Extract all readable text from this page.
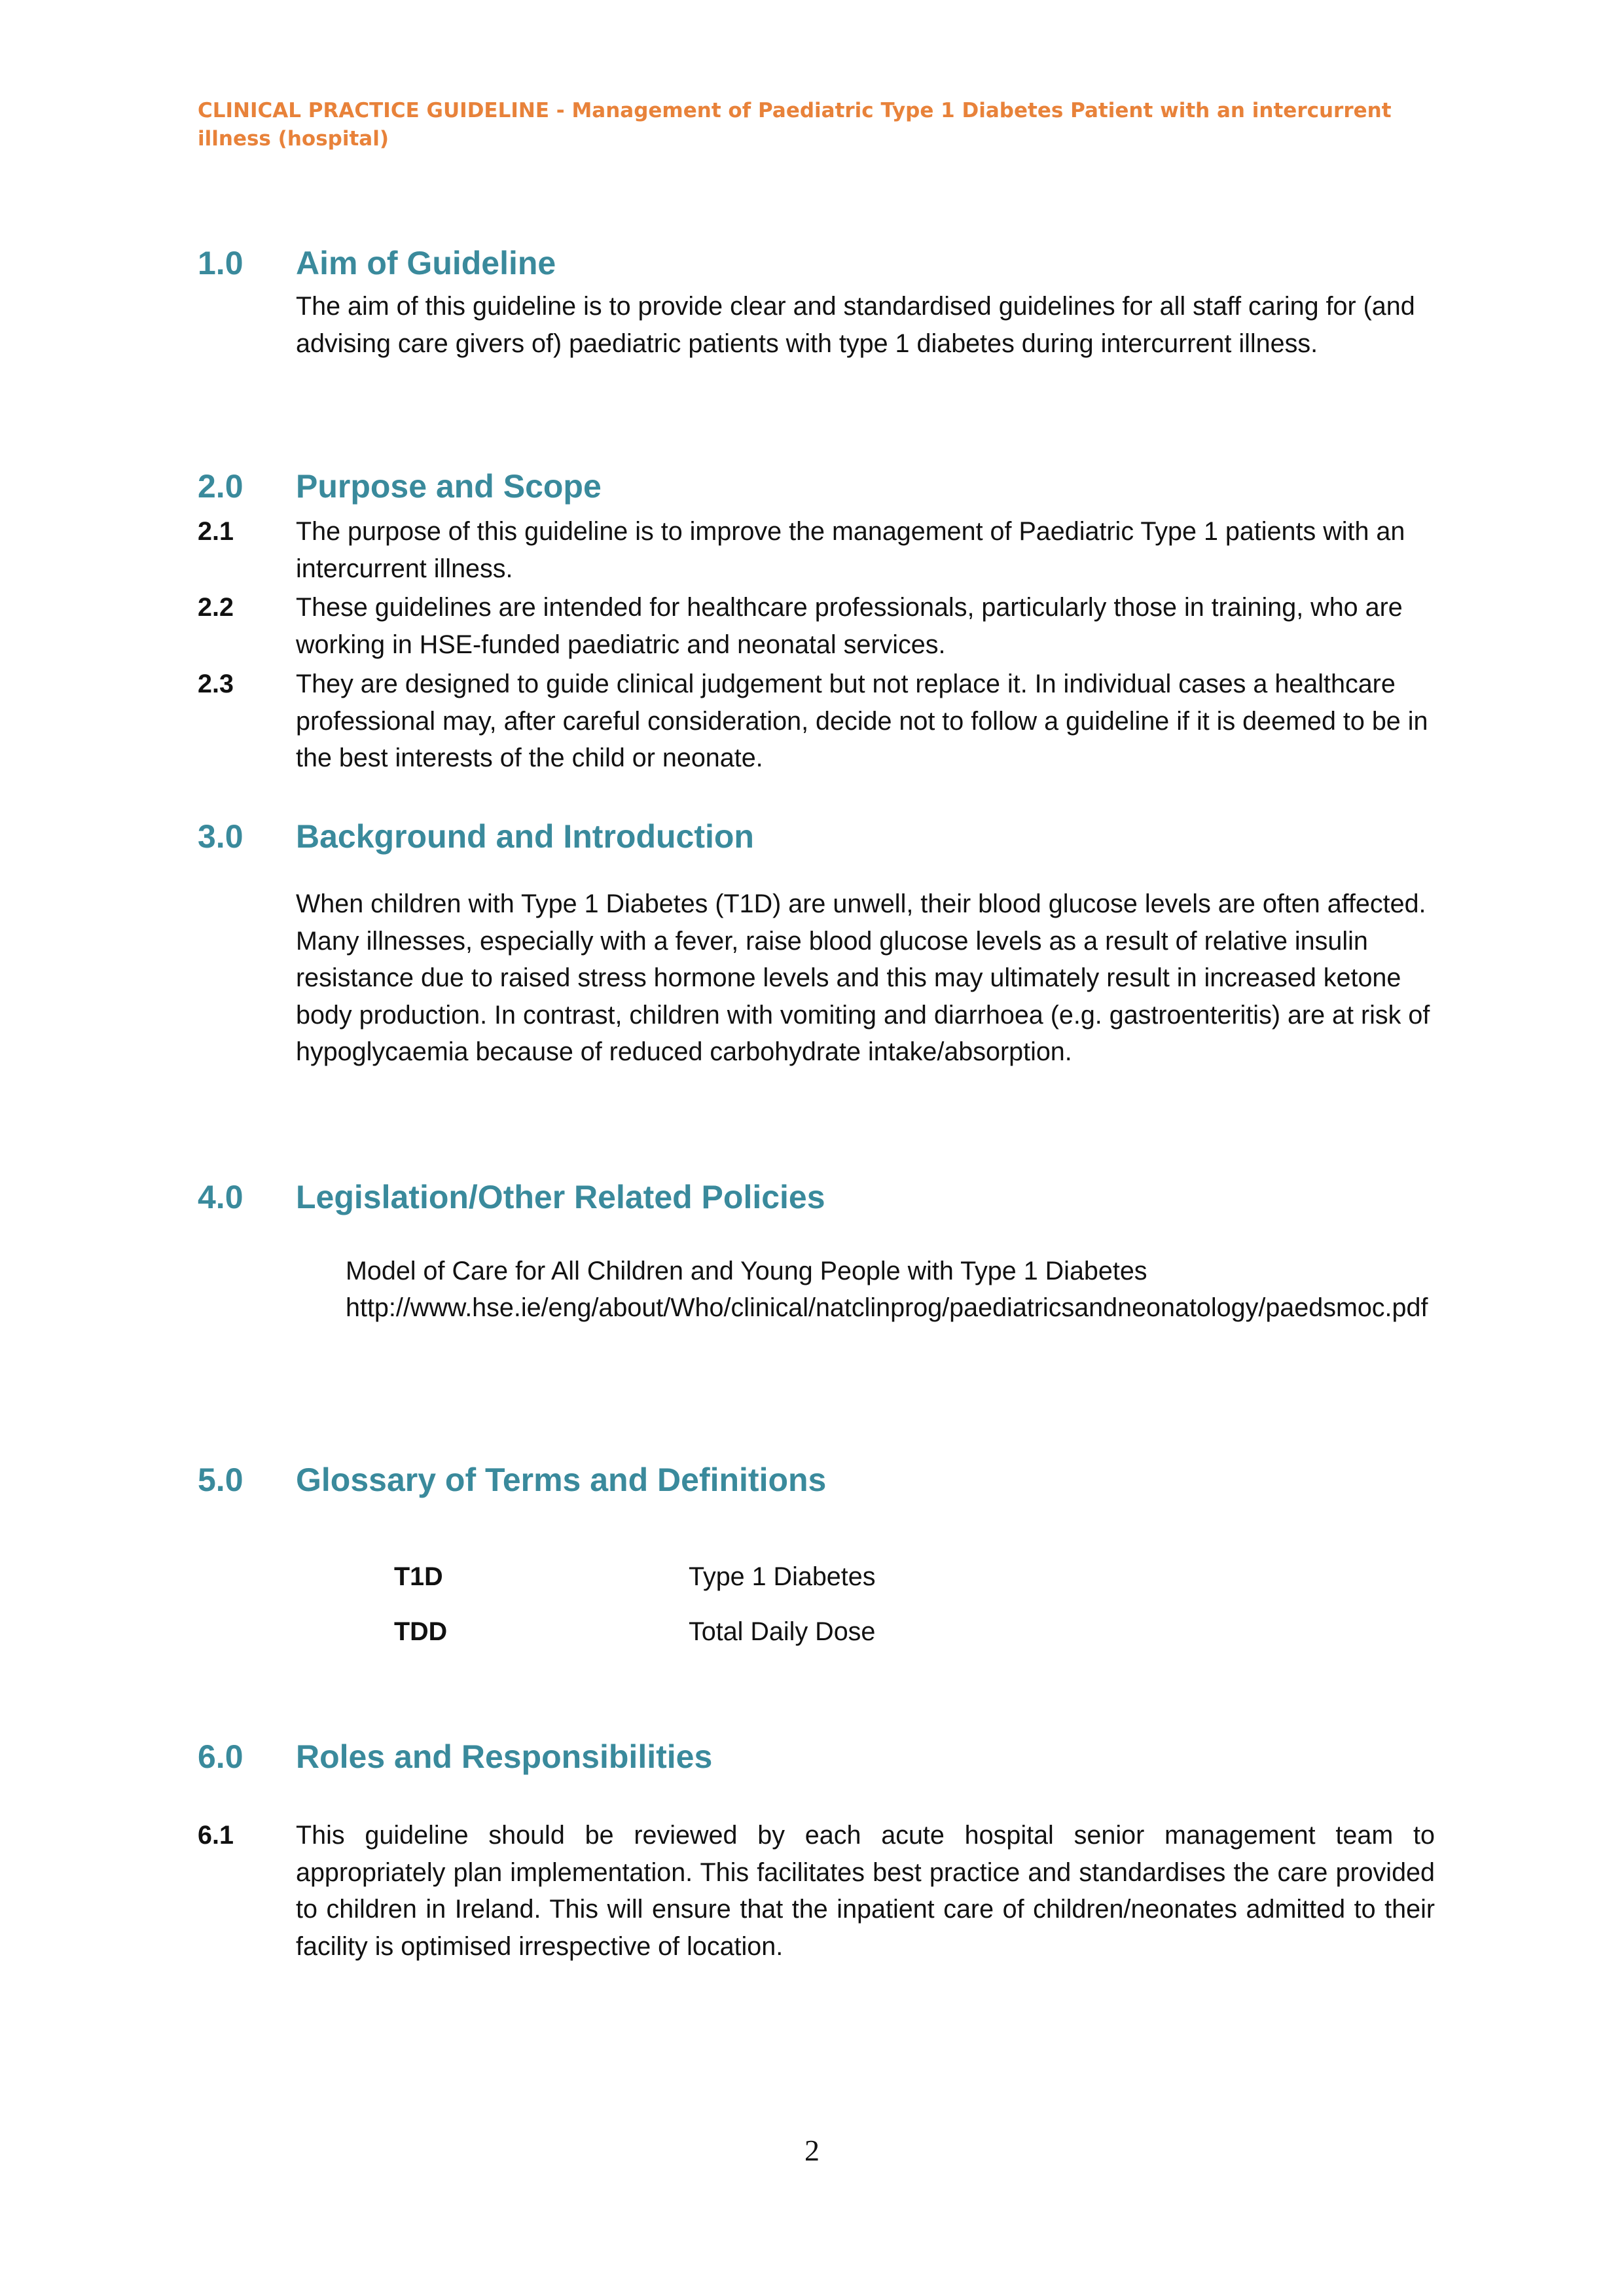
CLINICAL PRACTICE GUIDELINE - Management of Paediatric Type 1 Diabetes Patient with an intercurrent illness (hospital)
1.0 Aim of Guideline
The aim of this guideline is to provide clear and standardised guidelines for all staff caring for (and advising care givers of) paediatric patients with type 1 diabetes during intercurrent illness.
2.0 Purpose and Scope
2.1 The purpose of this guideline is to improve the management of Paediatric Type 1 patients with an intercurrent illness.
2.2 These guidelines are intended for healthcare professionals, particularly those in training, who are working in HSE-funded paediatric and neonatal services.
2.3 They are designed to guide clinical judgement but not replace it. In individual cases a healthcare professional may, after careful consideration, decide not to follow a guideline if it is deemed to be in the best interests of the child or neonate.
3.0 Background and Introduction
When children with Type 1 Diabetes (T1D) are unwell, their blood glucose levels are often affected. Many illnesses, especially with a fever, raise blood glucose levels as a result of relative insulin resistance due to raised stress hormone levels and this may ultimately result in increased ketone body production. In contrast, children with vomiting and diarrhoea (e.g. gastroenteritis) are at risk of hypoglycaemia because of reduced carbohydrate intake/absorption.
4.0 Legislation/Other Related Policies
Model of Care for All Children and Young People with Type 1 Diabetes
http://www.hse.ie/eng/about/Who/clinical/natclinprog/paediatricsandneonatology/paedsmoc.pdf
5.0 Glossary of Terms and Definitions
T1D	Type 1 Diabetes
TDD	Total Daily Dose
6.0 Roles and Responsibilities
6.1 This guideline should be reviewed by each acute hospital senior management team to appropriately plan implementation. This facilitates best practice and standardises the care provided to children in Ireland. This will ensure that the inpatient care of children/neonates admitted to their facility is optimised irrespective of location.
2
